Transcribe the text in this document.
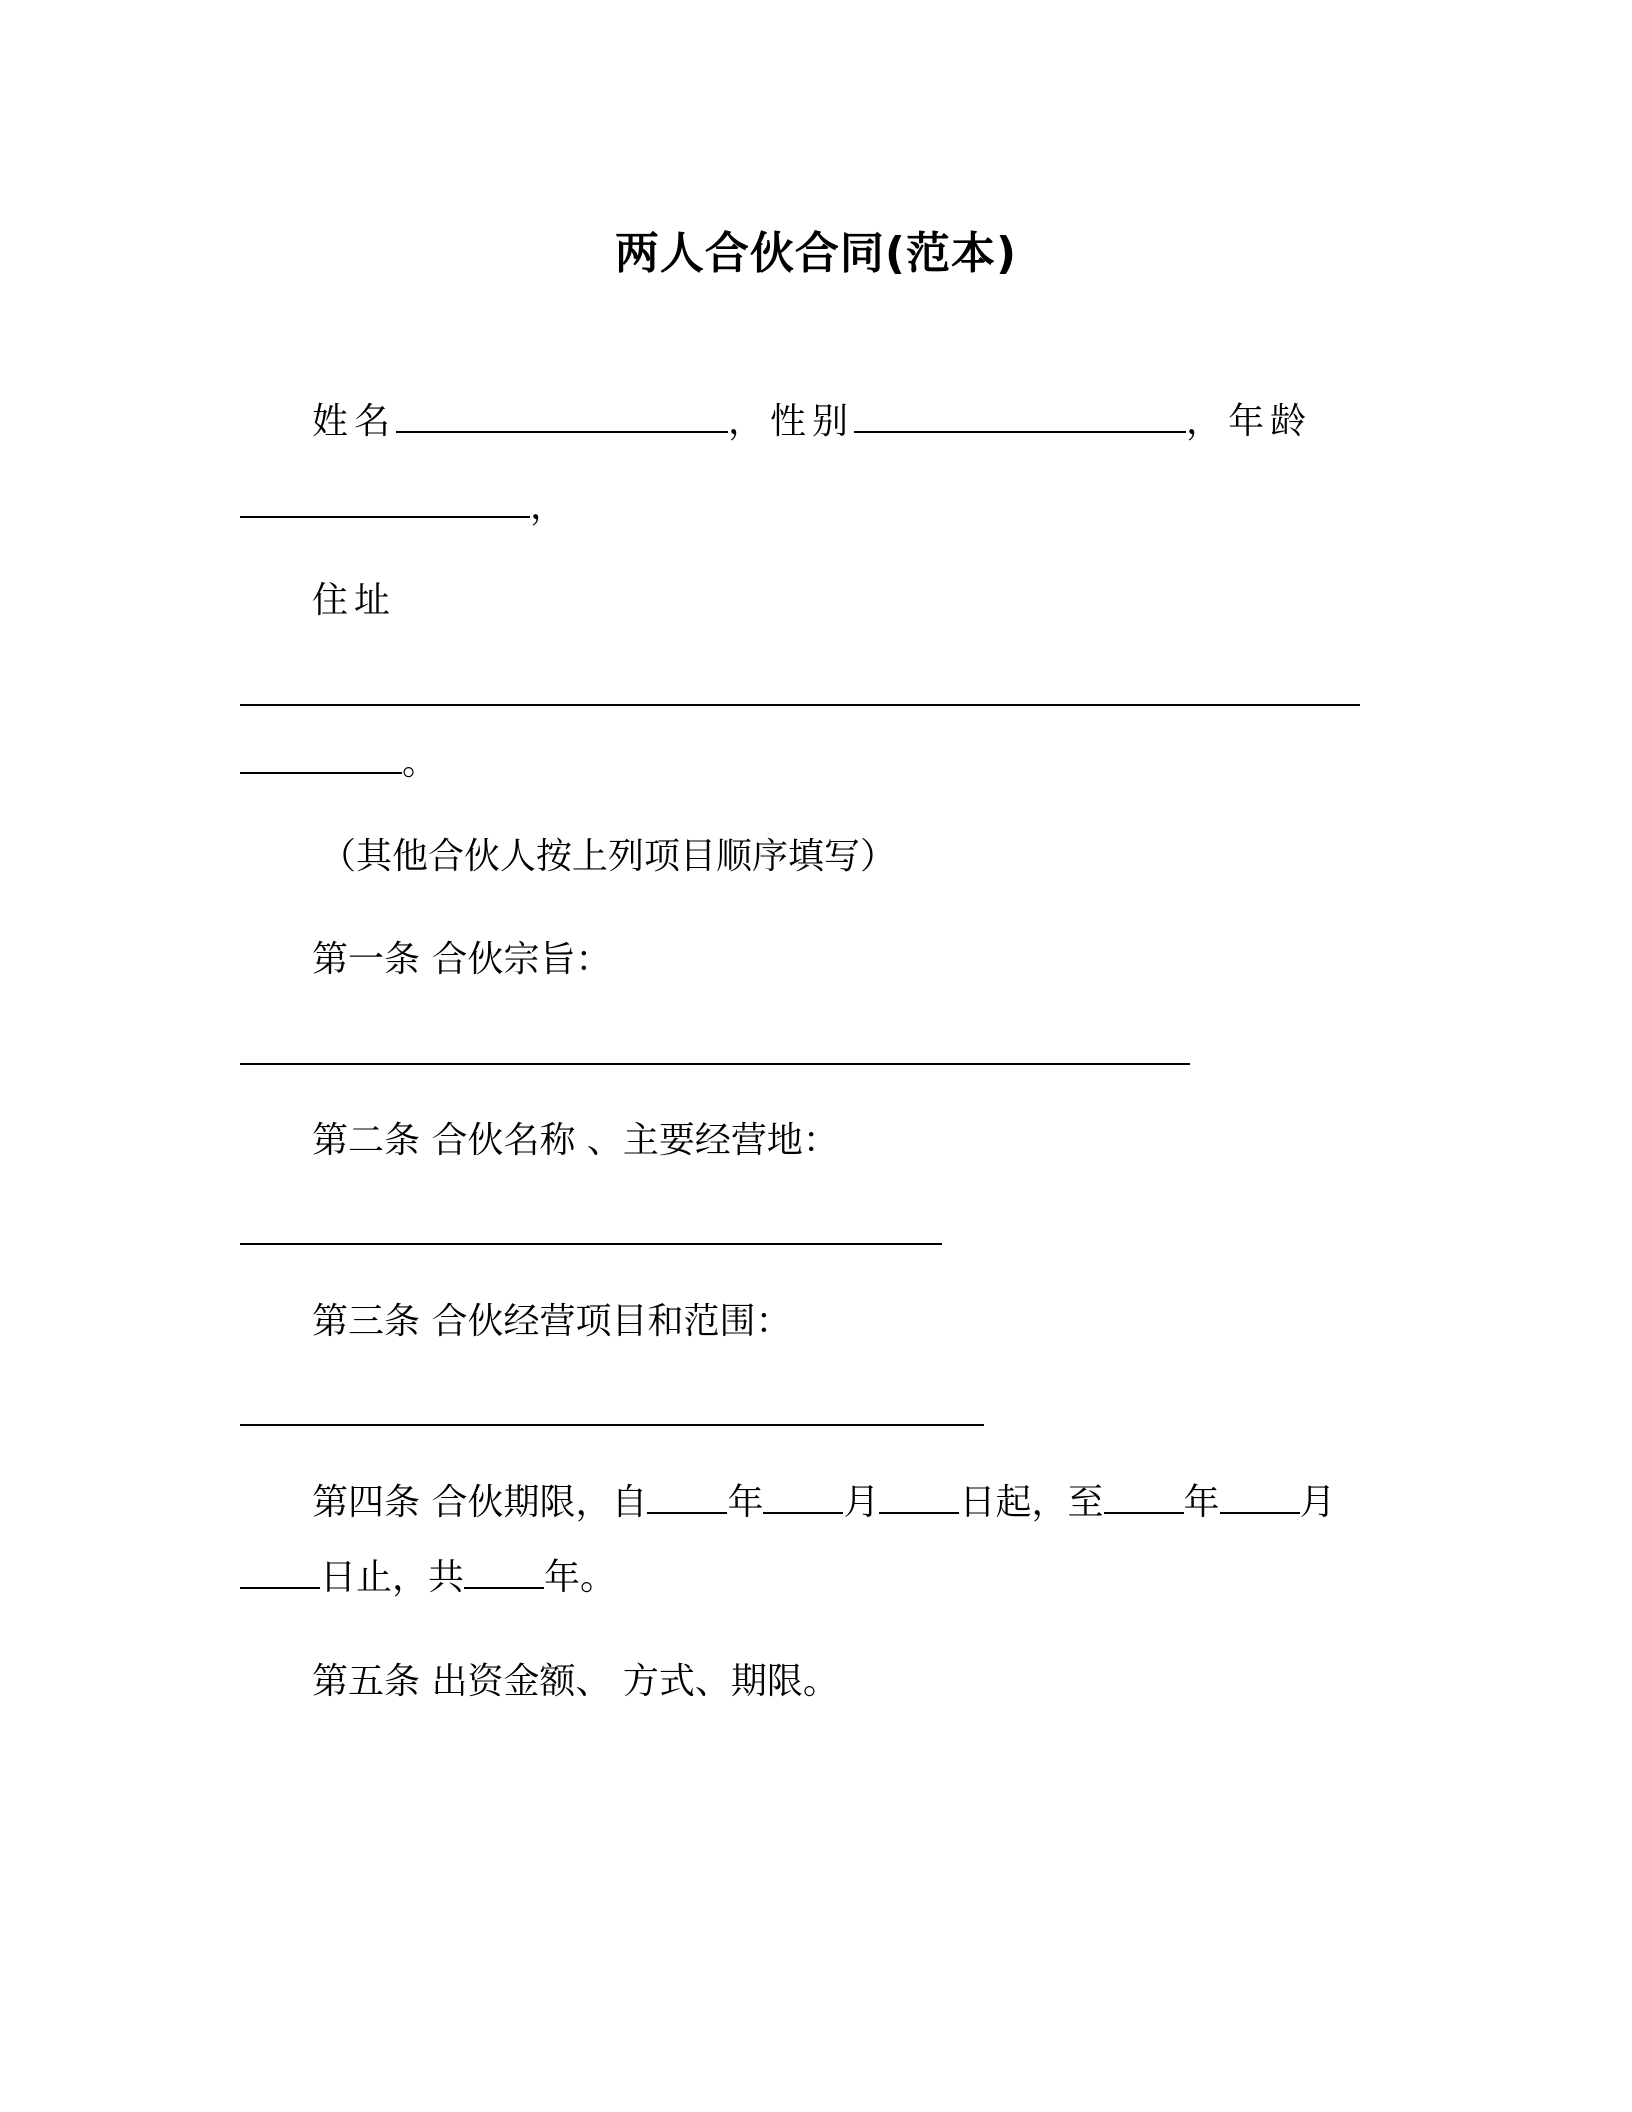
两人合伙合同(范本)
姓名	，性别	，年龄
，
住址
。
（其他合伙人按上列项目顺序填写）
第一条 合伙宗旨：
第二条 合伙名称 、主要经营地：
第三条 合伙经营项目和范围：
第四条 合伙期限，自 年 月 日起，至 年 月
日止，共 年。
第五条 出资金额、 方式、期限。
